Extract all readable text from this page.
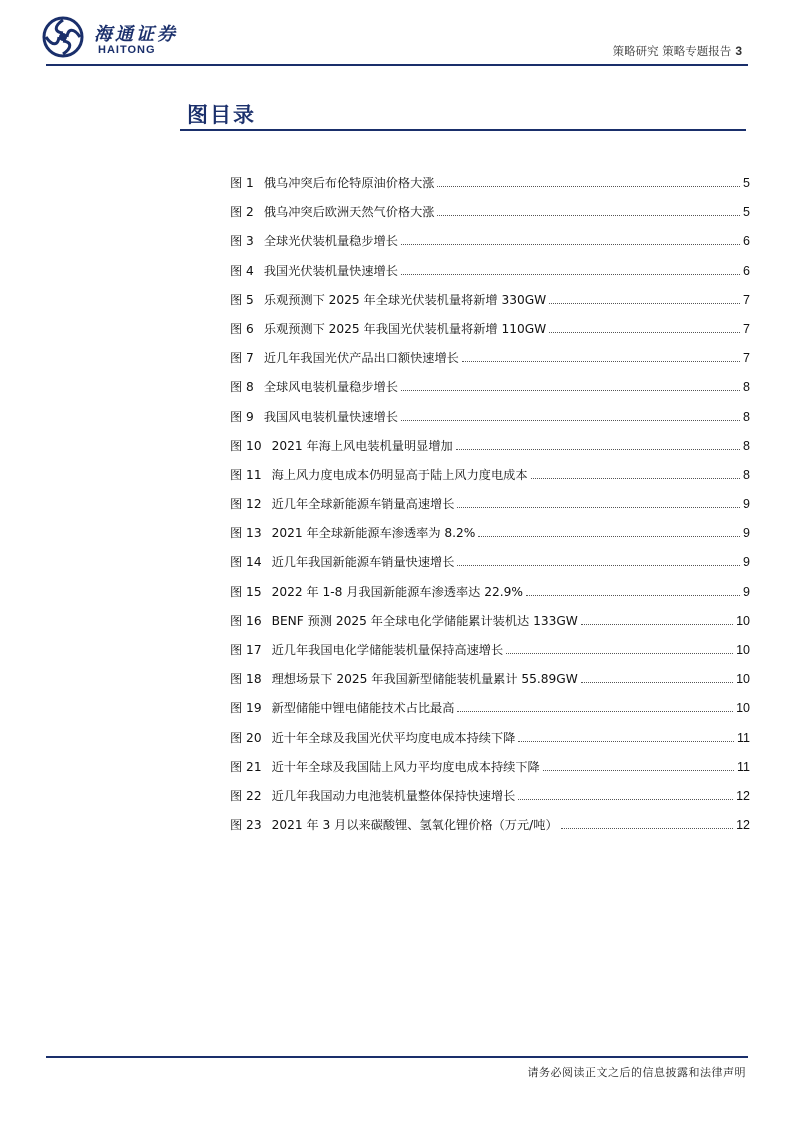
海通证券
HAITONG	策略研究 策略专题报告 3
图目录
图 1 俄乌冲突后布伦特原油价格大涨	5
图 2 俄乌冲突后欧洲天然气价格大涨	5
图 3 全球光伏装机量稳步增长	6
图 4 我国光伏装机量快速增长	6
图 5 乐观预测下 2025 年全球光伏装机量将新增 330GW	7
图 6 乐观预测下 2025 年我国光伏装机量将新增 110GW	7
图 7 近几年我国光伏产品出口额快速增长	7
图 8 全球风电装机量稳步增长	8
图 9 我国风电装机量快速增长	8
图 10 2021 年海上风电装机量明显增加	8
图 11 海上风力度电成本仍明显高于陆上风力度电成本	8
图 12 近几年全球新能源车销量高速增长	9
图 13 2021 年全球新能源车渗透率为 8.2%	9
图 14 近几年我国新能源车销量快速增长	9
图 15 2022 年 1-8 月我国新能源车渗透率达 22.9%	9
图 16 BENF 预测 2025 年全球电化学储能累计装机达 133GW	10
图 17 近几年我国电化学储能装机量保持高速增长	10
图 18 理想场景下 2025 年我国新型储能装机量累计 55.89GW	10
图 19 新型储能中锂电储能技术占比最高	10
图 20 近十年全球及我国光伏平均度电成本持续下降	11
图 21 近十年全球及我国陆上风力平均度电成本持续下降	11
图 22 近几年我国动力电池装机量整体保持快速增长	12
图 23 2021 年 3 月以来碳酸锂、氢氧化锂价格（万元/吨）	12
请务必阅读正文之后的信息披露和法律声明
